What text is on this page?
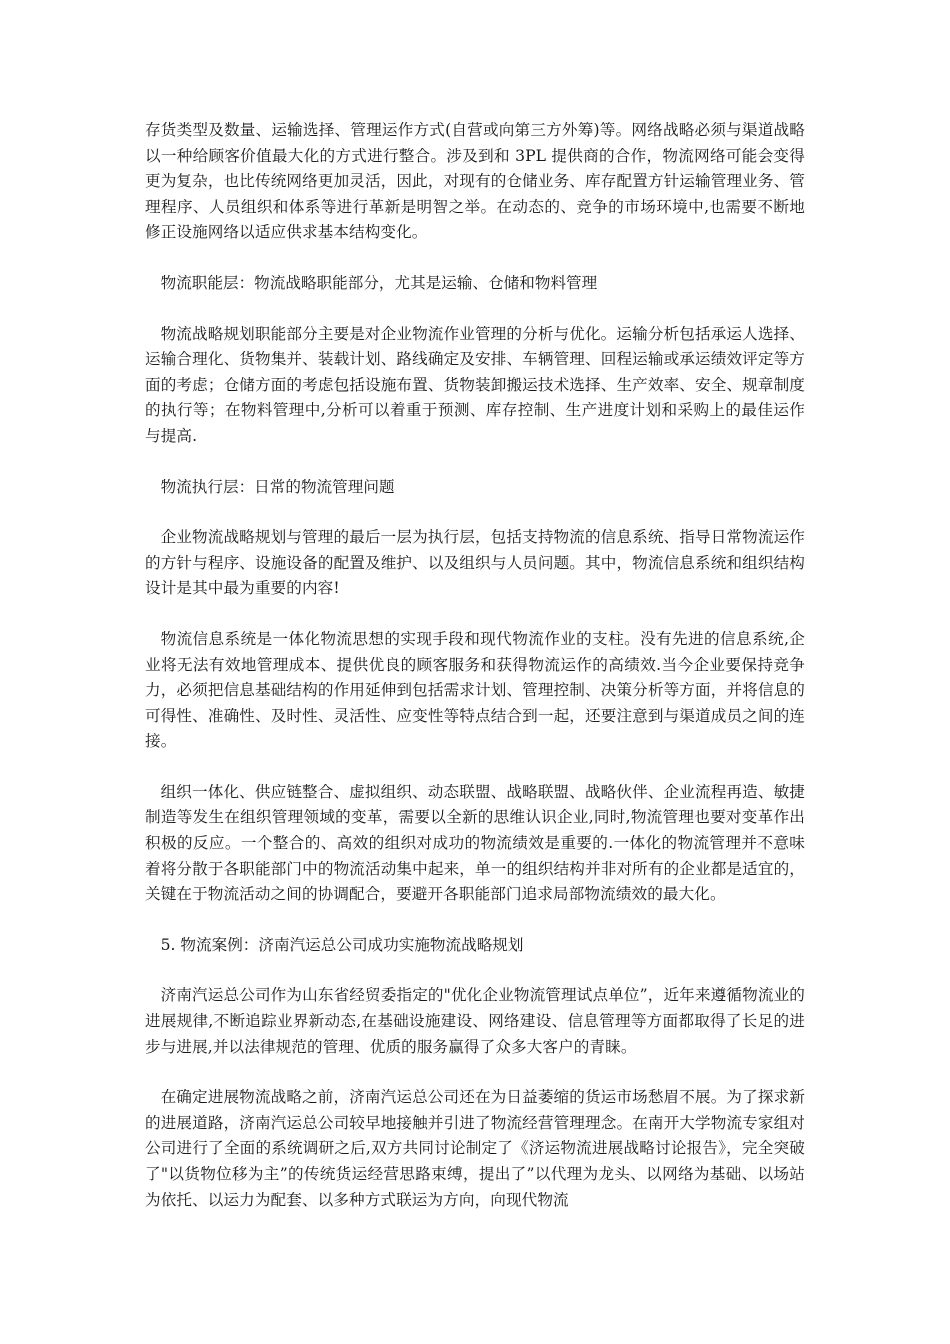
存货类型及数量、运输选择、管理运作方式(自营或向第三方外筹)等。网络战略必须与渠道战略以一种给顾客价值最大化的方式进行整合。涉及到和 3PL 提供商的合作，物流网络可能会变得更为复杂，也比传统网络更加灵活，因此，对现有的仓储业务、库存配置方针运输管理业务、管理程序、人员组织和体系等进行革新是明智之举。在动态的、竞争的市场环境中,也需要不断地修正设施网络以适应供求基本结构变化。

物流职能层：物流战略职能部分，尤其是运输、仓储和物料管理

物流战略规划职能部分主要是对企业物流作业管理的分析与优化。运输分析包括承运人选择、运输合理化、货物集并、装载计划、路线确定及安排、车辆管理、回程运输或承运绩效评定等方面的考虑；仓储方面的考虑包括设施布置、货物装卸搬运技术选择、生产效率、安全、规章制度的执行等；在物料管理中,分析可以着重于预测、库存控制、生产进度计划和采购上的最佳运作与提高.

物流执行层：日常的物流管理问题

企业物流战略规划与管理的最后一层为执行层，包括支持物流的信息系统、指导日常物流运作的方针与程序、设施设备的配置及维护、以及组织与人员问题。其中，物流信息系统和组织结构设计是其中最为重要的内容!

物流信息系统是一体化物流思想的实现手段和现代物流作业的支柱。没有先进的信息系统,企业将无法有效地管理成本、提供优良的顾客服务和获得物流运作的高绩效.当今企业要保持竞争力，必须把信息基础结构的作用延伸到包括需求计划、管理控制、决策分析等方面，并将信息的可得性、准确性、及时性、灵活性、应变性等特点结合到一起，还要注意到与渠道成员之间的连接。

组织一体化、供应链整合、虚拟组织、动态联盟、战略联盟、战略伙伴、企业流程再造、敏捷制造等发生在组织管理领域的变革，需要以全新的思维认识企业,同时,物流管理也要对变革作出积极的反应。一个整合的、高效的组织对成功的物流绩效是重要的.一体化的物流管理并不意味着将分散于各职能部门中的物流活动集中起来，单一的组织结构并非对所有的企业都是适宜的，关键在于物流活动之间的协调配合，要避开各职能部门追求局部物流绩效的最大化。

5. 物流案例：济南汽运总公司成功实施物流战略规划

济南汽运总公司作为山东省经贸委指定的"优化企业物流管理试点单位”，近年来遵循物流业的进展规律,不断追踪业界新动态,在基础设施建设、网络建设、信息管理等方面都取得了长足的进步与进展,并以法律规范的管理、优质的服务赢得了众多大客户的青睐。

在确定进展物流战略之前，济南汽运总公司还在为日益萎缩的货运市场愁眉不展。为了探求新的进展道路，济南汽运总公司较早地接触并引进了物流经营管理理念。在南开大学物流专家组对公司进行了全面的系统调研之后,双方共同讨论制定了《济运物流进展战略讨论报告》，完全突破了"以货物位移为主”的传统货运经营思路束缚，提出了”以代理为龙头、以网络为基础、以场站为依托、以运力为配套、以多种方式联运为方向，向现代物流
